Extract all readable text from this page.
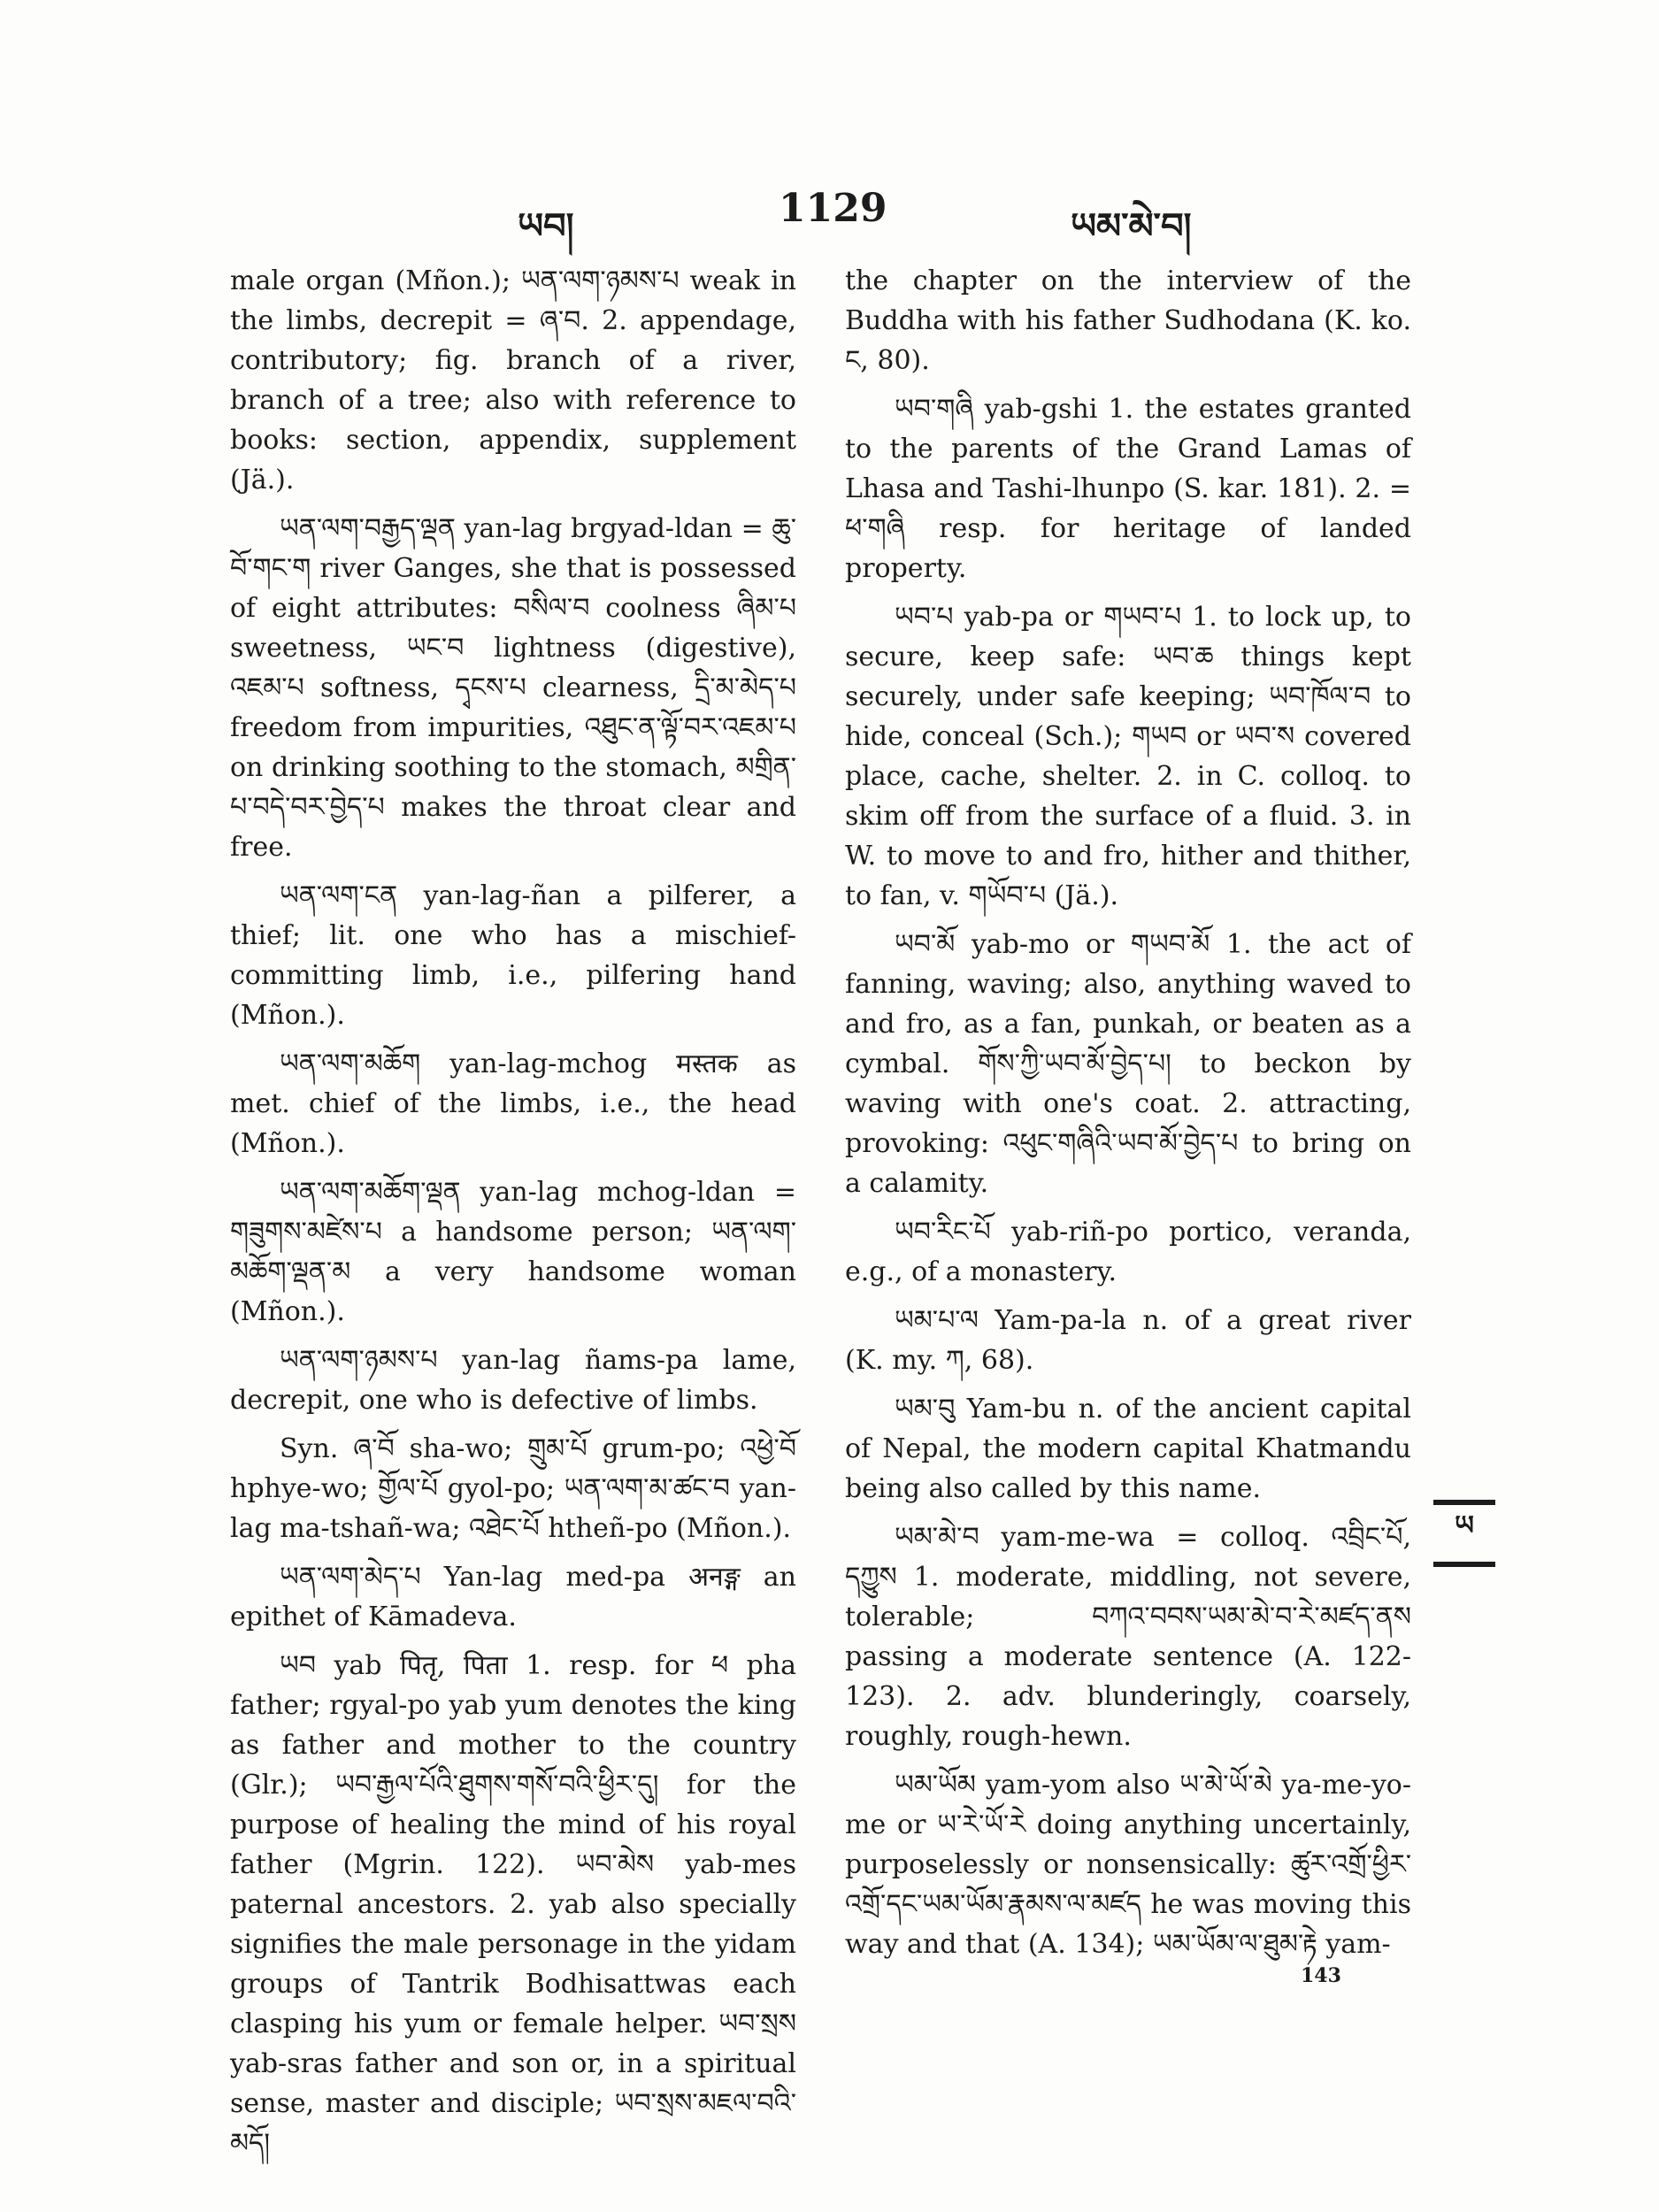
ཡབ།	1129	ཡམ་མེ་བ།

male organ (Mñon.); ཡན་ལག་ཉམས་པ weak in the limbs, decrepit = ཞ་བ. 2. appendage, contributory; fig. branch of a river, branch of a tree; also with reference to books: section, appendix, supplement (Jä.).

ཡན་ལག་བརྒྱད་ལྡན yan-lag brgyad-ldan = ཆུ་བོ་གང་ག river Ganges, she that is possessed of eight attributes: བསིལ་བ coolness ཞིམ་པ sweetness, ཡང་བ lightness (digestive), འཇམ་པ softness, དྭངས་པ clearness, དྲི་མ་མེད་པ freedom from impurities, འཐུང་ན་ལྟོ་བར་འཇམ་པ on drinking soothing to the stomach, མགྲིན་པ་བདེ་བར་བྱེད་པ makes the throat clear and free.

ཡན་ལག་ངན yan-lag-ñan a pilferer, a thief; lit. one who has a mischief-committing limb, i.e., pilfering hand (Mñon.).

ཡན་ལག་མཆོག yan-lag-mchog मस्तक as met. chief of the limbs, i.e., the head (Mñon.).

ཡན་ལག་མཆོག་ལྡན yan-lag mchog-ldan = གཟུགས་མཛེས་པ a handsome person; ཡན་ལག་མཆོག་ལྡན་མ a very handsome woman (Mñon.).

ཡན་ལག་ཉམས་པ yan-lag ñams-pa lame, decrepit, one who is defective of limbs.

Syn. ཞ་བོ sha-wo; གྲུམ་པོ grum-po; འཕྱེ་བོ hphye-wo; གྱོལ་པོ gyol-po; ཡན་ལག་མ་ཚང་བ yan-lag ma-tshañ-wa; འཐེང་པོ htheñ-po (Mñon.).

ཡན་ལག་མེད་པ Yan-lag med-pa अनङ्ग an epithet of Kāmadeva.

ཡབ yab पितृ, पिता 1. resp. for ཕ pha father; rgyal-po yab yum denotes the king as father and mother to the country (Glr.); ཡབ་རྒྱལ་པོའི་ཐུགས་གསོ་བའི་ཕྱིར་དུ། for the purpose of healing the mind of his royal father (Mgrin. 122). ཡབ་མེས yab-mes paternal ancestors. 2. yab also specially signifies the male personage in the yidam groups of Tantrik Bodhisattwas each clasping his yum or female helper. ཡབ་སྲས yab-sras father and son or, in a spiritual sense, master and disciple; ཡབ་སྲས་མཇལ་བའི་མདོ།

the chapter on the interview of the Buddha with his father Sudhodana (K. ko. ང, 80).

ཡབ་གཞི yab-gshi 1. the estates granted to the parents of the Grand Lamas of Lhasa and Tashi-lhunpo (S. kar. 181). 2. = ཕ་གཞི resp. for heritage of landed property.

ཡབ་པ yab-pa or གཡབ་པ 1. to lock up, to secure, keep safe: ཡབ་ཆ things kept securely, under safe keeping; ཡབ་ཁོལ་བ to hide, conceal (Sch.); གཡབ or ཡབ་ས covered place, cache, shelter. 2. in C. colloq. to skim off from the surface of a fluid. 3. in W. to move to and fro, hither and thither, to fan, v. གཡོབ་པ (Jä.).

ཡབ་མོ yab-mo or གཡབ་མོ 1. the act of fanning, waving; also, anything waved to and fro, as a fan, punkah, or beaten as a cymbal. གོས་ཀྱི་ཡབ་མོ་བྱེད་པ། to beckon by waving with one's coat. 2. attracting, provoking: འཕུང་གཞིའི་ཡབ་མོ་བྱེད་པ to bring on a calamity.

ཡབ་རིང་པོ yab-riñ-po portico, veranda, e.g., of a monastery.

ཡམ་པ་ལ Yam-pa-la n. of a great river (K. my. ཀ, 68).

ཡམ་བུ Yam-bu n. of the ancient capital of Nepal, the modern capital Khatmandu being also called by this name.

ཡམ་མེ་བ yam-me-wa = colloq. འབྲིང་པོ, དཀྱུས 1. moderate, middling, not severe, tolerable; བཀའ་བབས་ཡམ་མེ་བ་རེ་མཛད་ནས passing a moderate sentence (A. 122-123). 2. adv. blunderingly, coarsely, roughly, rough-hewn.

ཡམ་ཡོམ yam-yom also ཡ་མེ་ཡོ་མེ ya-me-yo-me or ཡ་རེ་ཡོ་རེ doing anything uncertainly, purposelessly or nonsensically: ཚུར་འགྲོ་ཕྱིར་འགྲོ་དང་ཡམ་ཡོམ་རྣམས་ལ་མཛད he was moving this way and that (A. 134); ཡམ་ཡོམ་ལ་ཐུམ་རྟེ yam-

ཡ
143
